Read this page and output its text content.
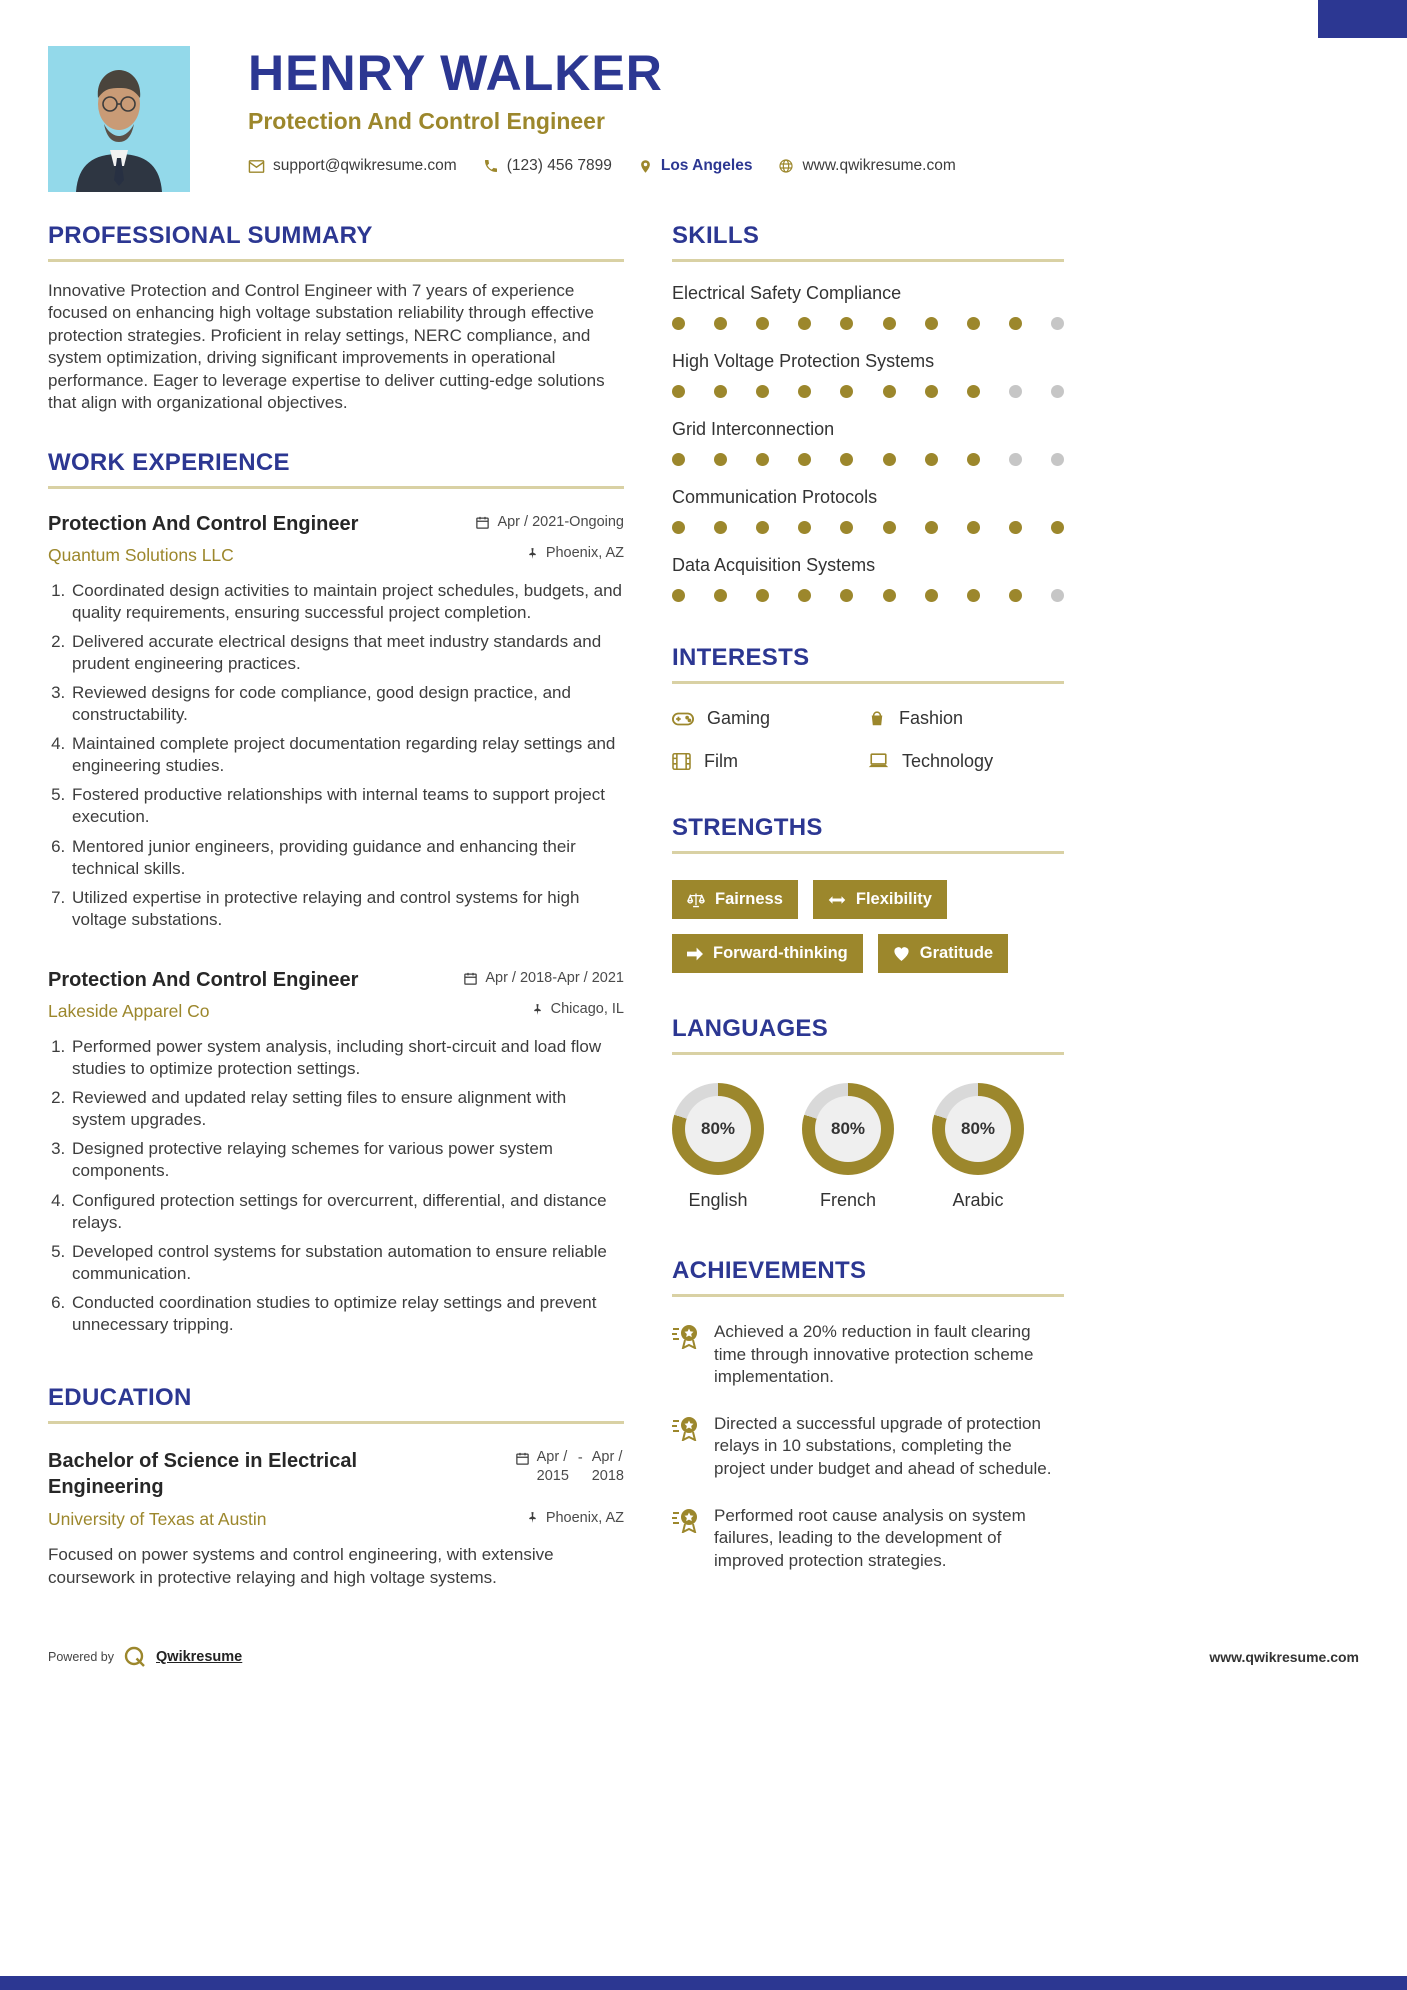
HENRY WALKER
Protection And Control Engineer
support@qwikresume.com	(123) 456 7899	Los Angeles	www.qwikresume.com
PROFESSIONAL SUMMARY

Innovative Protection and Control Engineer with 7 years of experience focused on enhancing high voltage substation reliability through effective protection strategies. Proficient in relay settings, NERC compliance, and system optimization, driving significant improvements in operational performance. Eager to leverage expertise to deliver cutting-edge solutions that align with organizational objectives.

WORK EXPERIENCE
Protection And Control Engineer	Apr / 2021-Ongoing
Quantum Solutions LLC	Phoenix, AZ
1. Coordinated design activities to maintain project schedules, budgets, and quality requirements, ensuring successful project completion.
2. Delivered accurate electrical designs that meet industry standards and prudent engineering practices.
3. Reviewed designs for code compliance, good design practice, and constructability.
4. Maintained complete project documentation regarding relay settings and engineering studies.
5. Fostered productive relationships with internal teams to support project execution.
6. Mentored junior engineers, providing guidance and enhancing their technical skills.
7. Utilized expertise in protective relaying and control systems for high voltage substations.
Protection And Control Engineer	Apr / 2018-Apr / 2021
Lakeside Apparel Co	Chicago, IL
1. Performed power system analysis, including short-circuit and load flow studies to optimize protection settings.
2. Reviewed and updated relay setting files to ensure alignment with system upgrades.
3. Designed protective relaying schemes for various power system components.
4. Configured protection settings for overcurrent, differential, and distance relays.
5. Developed control systems for substation automation to ensure reliable communication.
6. Conducted coordination studies to optimize relay settings and prevent unnecessary tripping.
EDUCATION
Bachelor of Science in Electrical Engineering
Apr /
2015
- Apr /
2018
University of Texas at Austin	Phoenix, AZ

Focused on power systems and control engineering, with extensive coursework in protective relaying and high voltage systems.

SKILLS
Electrical Safety Compliance
High Voltage Protection Systems
Grid Interconnection
Communication Protocols
Data Acquisition Systems
INTERESTS
Gaming	Fashion
Film	Technology
STRENGTHS
Fairness	Flexibility
Forward-thinking	Gratitude
LANGUAGES
80%
English
80%
French
80%
Arabic
ACHIEVEMENTS

Achieved a 20% reduction in fault clearing time through innovative protection scheme implementation.

Directed a successful upgrade of protection relays in 10 substations, completing the project under budget and ahead of schedule.

Performed root cause analysis on system failures, leading to the development of improved protection strategies.

Powered by	Qwikresume	www.qwikresume.com
